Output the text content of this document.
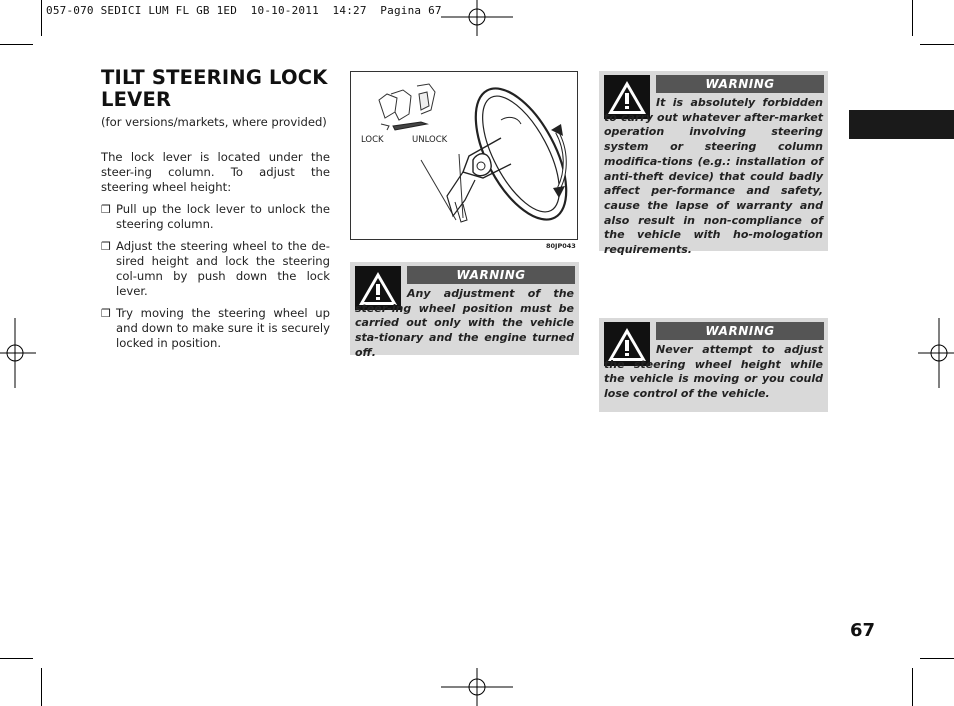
057-070 SEDICI LUM FL GB 1ED  10-10-2011  14:27  Pagina 67
TILT STEERING LOCK LEVER
(for versions/markets, where provided)
The lock lever is located under the steer-ing column. To adjust the steering wheel height:
❒ Pull up the lock lever to unlock the steering column.
❒ Adjust the steering wheel to the de-sired height and lock the steering col-umn by push down the lock lever.
❒ Try moving the steering wheel up and down to make sure it is securely locked in position.
LOCK	UNLOCK
80JP043
WARNING
Any adjustment of the steer-ing wheel position must be carried out only with the vehicle sta-tionary and the engine turned off.
WARNING
It is absolutely forbidden to carry out whatever after-market operation involving steering system or steering column modifica-tions (e.g.: installation of anti-theft device) that could badly affect per-formance and safety, cause the lapse of warranty and also result in non-compliance of the vehicle with ho-mologation requirements.
WARNING
Never attempt to adjust the steering wheel height while the vehicle is moving or you could lose control of the vehicle.
67
